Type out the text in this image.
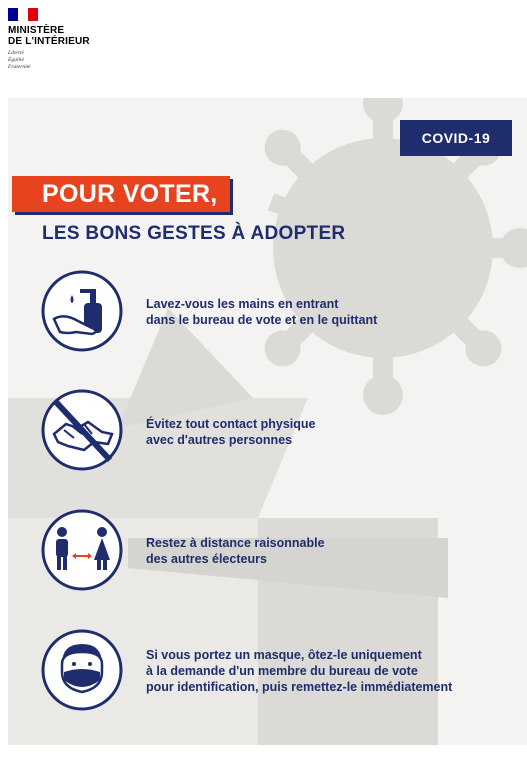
MINISTÈRE
DE L'INTÉRIEUR
Liberté
Égalité
Fraternité
COVID-19
POUR VOTER,
LES BONS GESTES À ADOPTER
Lavez-vous les mains en entrant
dans le bureau de vote et en le quittant
Évitez tout contact physique
avec d'autres personnes
Restez à distance raisonnable
des autres électeurs
Si vous portez un masque, ôtez-le uniquement
à la demande d'un membre du bureau de vote
pour identification, puis remettez-le immédiatement
